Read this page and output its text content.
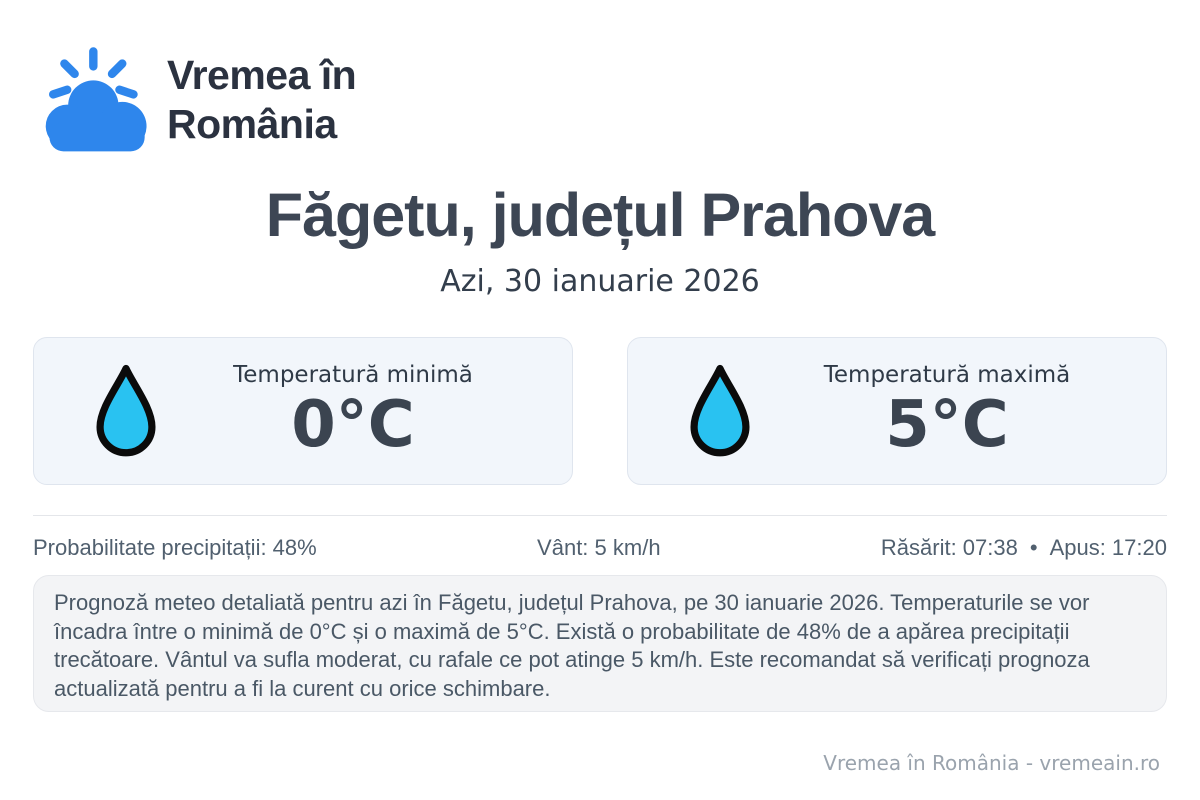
Vremea în
România
Făgetu, județul Prahova
Azi, 30 ianuarie 2026
Temperatură minimă
0°C
Temperatură maximă
5°C
Probabilitate precipitații: 48%	Vânt: 5 km/h	Răsărit: 07:38 • Apus: 17:20

Prognoză meteo detaliată pentru azi în Făgetu, județul Prahova, pe 30 ianuarie 2026. Temperaturile se vor încadra între o minimă de 0°C și o maximă de 5°C. Există o probabilitate de 48% de a apărea precipitații trecătoare. Vântul va sufla moderat, cu rafale ce pot atinge 5 km/h. Este recomandat să verificați prognoza actualizată pentru a fi la curent cu orice schimbare.

Vremea în România - vremeain.ro
